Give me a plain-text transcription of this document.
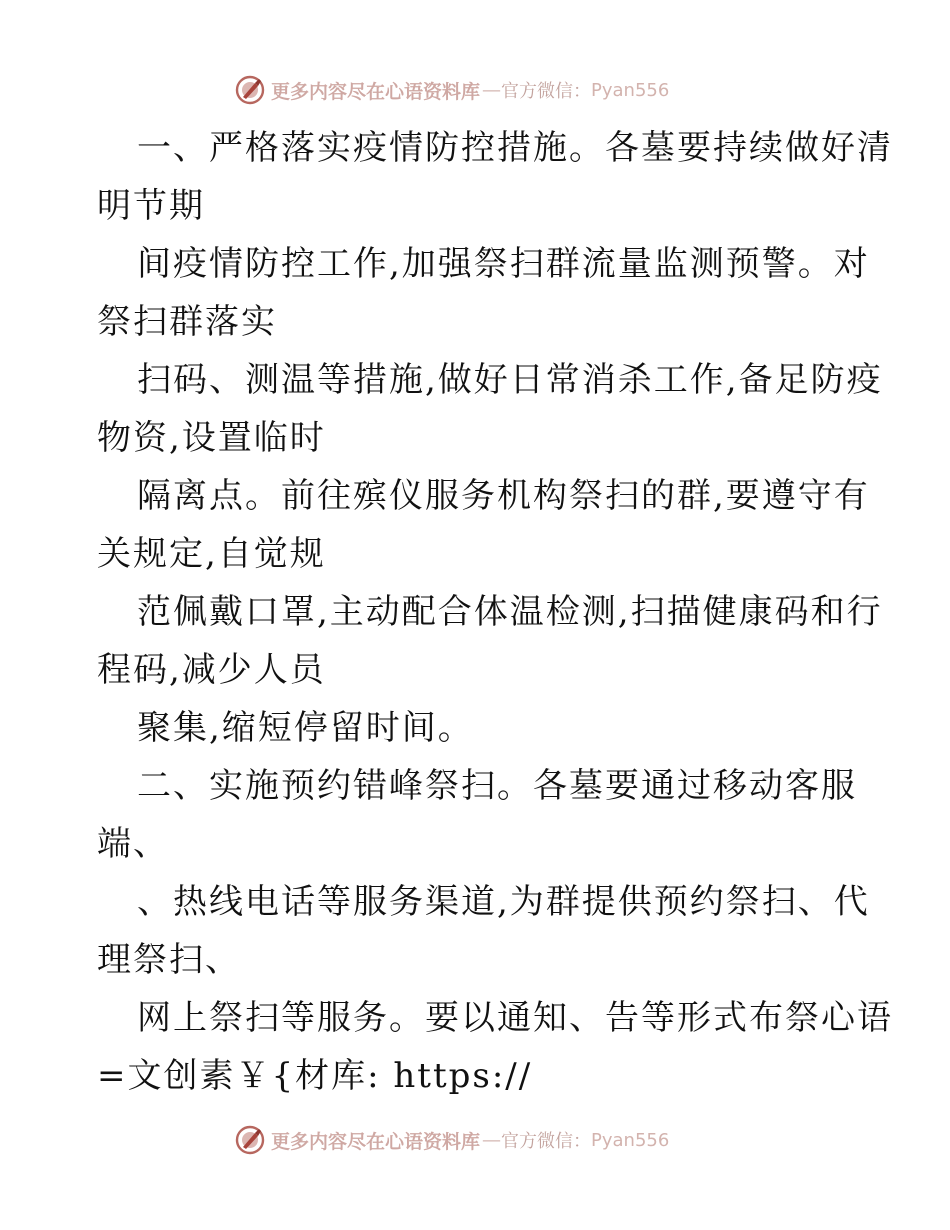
更多内容尽在心语资料库 — 官方微信： Pyan556
一、严格落实疫情防控措施。各墓要持续做好清
明节期
间疫情防控工作,加强祭扫群流量监测预警。对
祭扫群落实
扫码、测温等措施,做好日常消杀工作,备足防疫
物资,设置临时
隔离点。前往殡仪服务机构祭扫的群,要遵守有
关规定,自觉规
范佩戴口罩,主动配合体温检测,扫描健康码和行
程码,减少人员
聚集,缩短停留时间。
二、实施预约错峰祭扫。各墓要通过移动客服
端、
、热线电话等服务渠道,为群提供预约祭扫、代
理祭扫、
网上祭扫等服务。要以通知、告等形式布祭心语
=文创素￥{材库: https://
更多内容尽在心语资料库 — 官方微信： Pyan556
